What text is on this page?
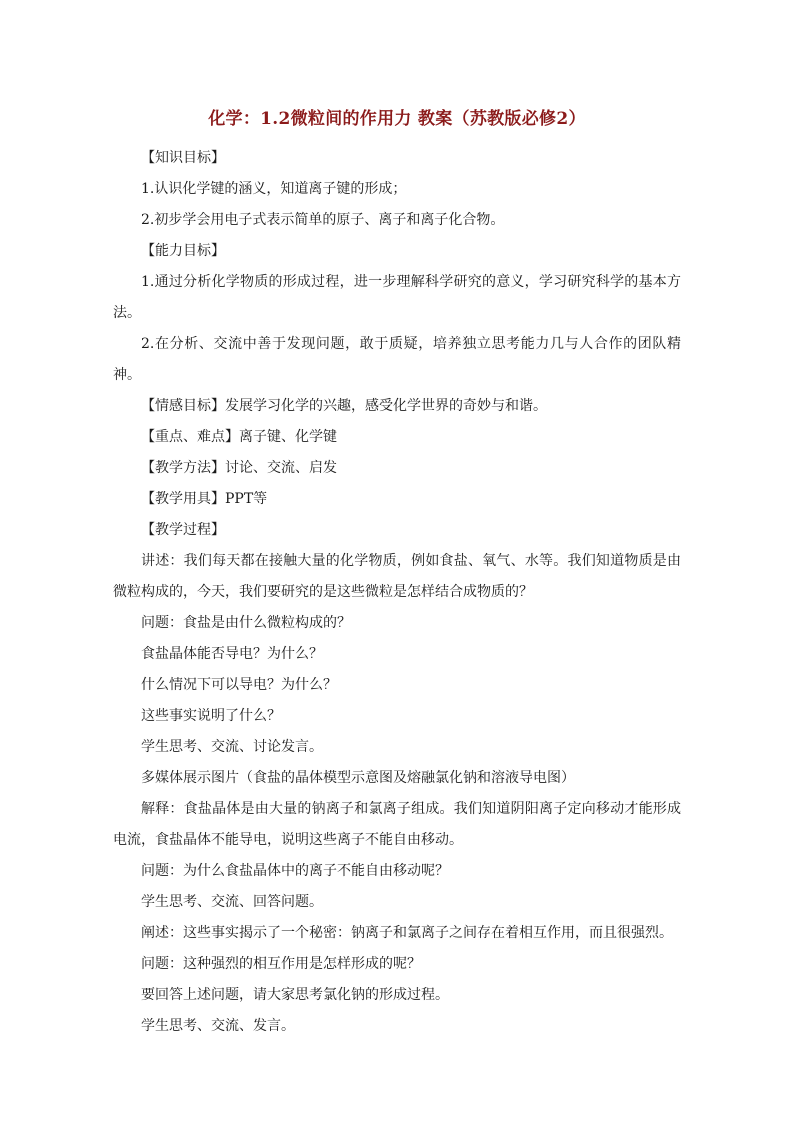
化学：1.2微粒间的作用力 教案（苏教版必修2）

【知识目标】

1.认识化学键的涵义，知道离子键的形成；

2.初步学会用电子式表示简单的原子、离子和离子化合物。

【能力目标】

1.通过分析化学物质的形成过程，进一步理解科学研究的意义，学习研究科学的基本方法。

2.在分析、交流中善于发现问题，敢于质疑，培养独立思考能力几与人合作的团队精神。

【情感目标】发展学习化学的兴趣，感受化学世界的奇妙与和谐。

【重点、难点】离子键、化学键

【教学方法】讨论、交流、启发

【教学用具】PPT等

【教学过程】

讲述：我们每天都在接触大量的化学物质，例如食盐、氧气、水等。我们知道物质是由微粒构成的，今天，我们要研究的是这些微粒是怎样结合成物质的？

问题：食盐是由什么微粒构成的？

食盐晶体能否导电？为什么？

什么情况下可以导电？为什么？

这些事实说明了什么？

学生思考、交流、讨论发言。

多媒体展示图片（食盐的晶体模型示意图及熔融氯化钠和溶液导电图）

解释：食盐晶体是由大量的钠离子和氯离子组成。我们知道阴阳离子定向移动才能形成电流，食盐晶体不能导电，说明这些离子不能自由移动。

问题：为什么食盐晶体中的离子不能自由移动呢？

学生思考、交流、回答问题。

阐述：这些事实揭示了一个秘密：钠离子和氯离子之间存在着相互作用，而且很强烈。

问题：这种强烈的相互作用是怎样形成的呢？

要回答上述问题，请大家思考氯化钠的形成过程。

学生思考、交流、发言。
